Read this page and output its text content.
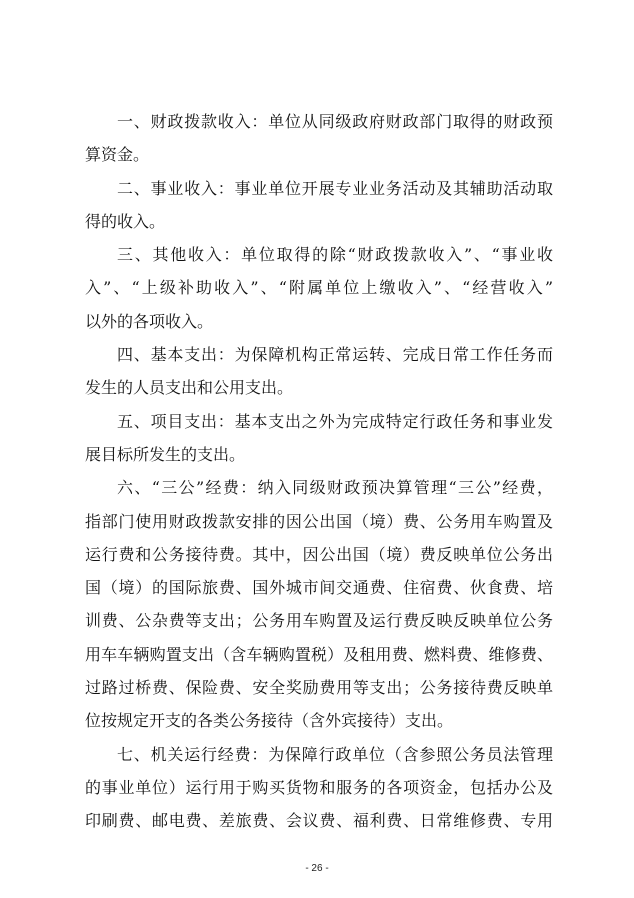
一、财政拨款收入：单位从同级政府财政部门取得的财政预
算资金。
二、事业收入：事业单位开展专业业务活动及其辅助活动取
得的收入。
三、其他收入：单位取得的除“财政拨款收入”、“事业收
入”、“上级补助收入”、“附属单位上缴收入”、“经营收入”
以外的各项收入。
四、基本支出：为保障机构正常运转、完成日常工作任务而
发生的人员支出和公用支出。
五、项目支出：基本支出之外为完成特定行政任务和事业发
展目标所发生的支出。
六、“三公”经费：纳入同级财政预决算管理“三公”经费，
指部门使用财政拨款安排的因公出国（境）费、公务用车购置及
运行费和公务接待费。其中，因公出国（境）费反映单位公务出
国（境）的国际旅费、国外城市间交通费、住宿费、伙食费、培
训费、公杂费等支出；公务用车购置及运行费反映反映单位公务
用车车辆购置支出（含车辆购置税）及租用费、燃料费、维修费、
过路过桥费、保险费、安全奖励费用等支出；公务接待费反映单
位按规定开支的各类公务接待（含外宾接待）支出。
七、机关运行经费：为保障行政单位（含参照公务员法管理
的事业单位）运行用于购买货物和服务的各项资金，包括办公及
印刷费、邮电费、差旅费、会议费、福利费、日常维修费、专用
- 26 -
